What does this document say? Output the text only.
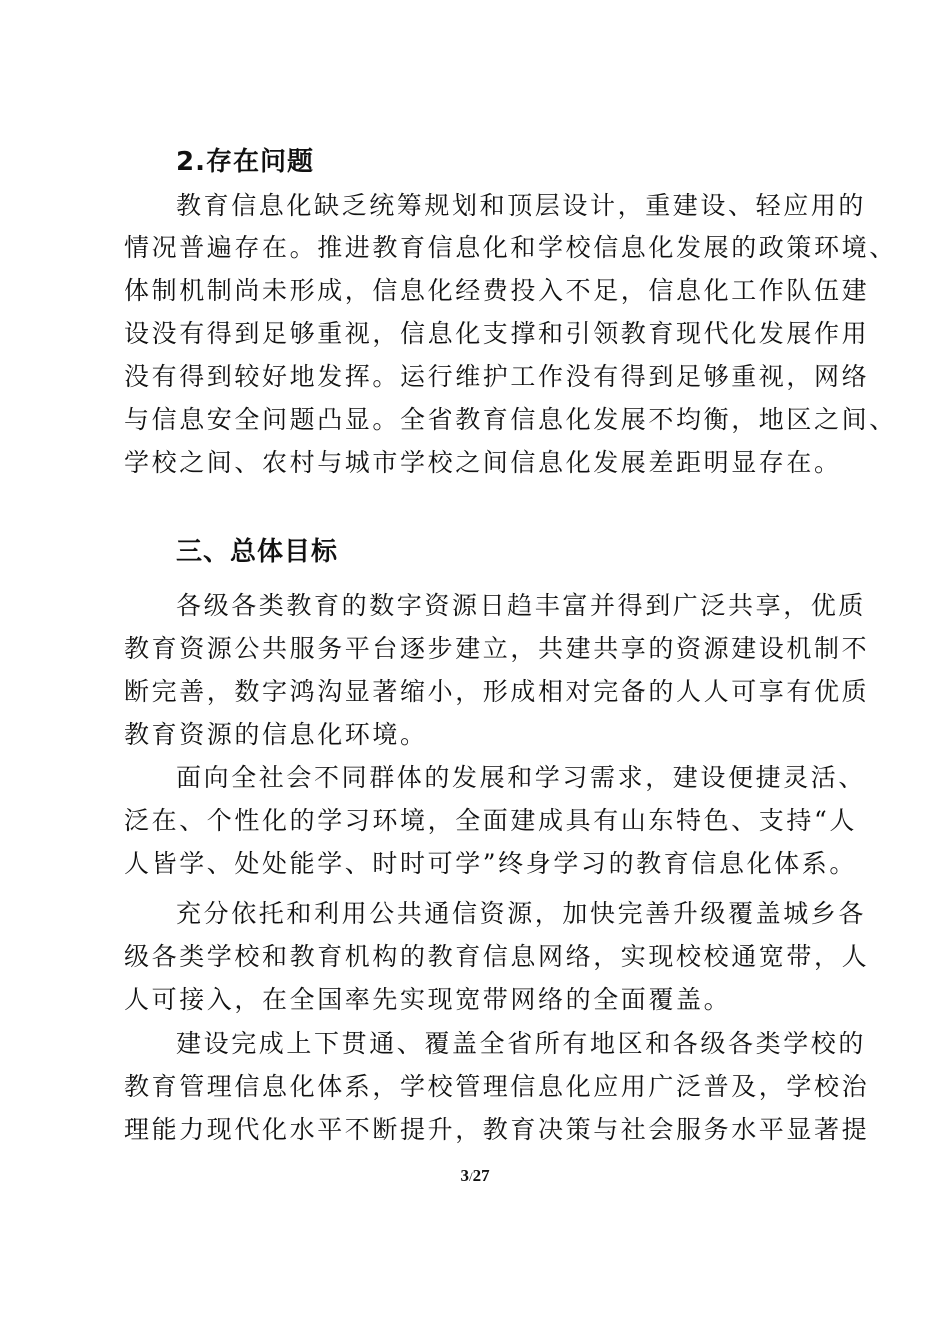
2.存在问题
教育信息化缺乏统筹规划和顶层设计，重建设、轻应用的
情况普遍存在。推进教育信息化和学校信息化发展的政策环境、
体制机制尚未形成，信息化经费投入不足，信息化工作队伍建
设没有得到足够重视，信息化支撑和引领教育现代化发展作用
没有得到较好地发挥。运行维护工作没有得到足够重视，网络
与信息安全问题凸显。全省教育信息化发展不均衡，地区之间、
学校之间、农村与城市学校之间信息化发展差距明显存在。
三、总体目标
各级各类教育的数字资源日趋丰富并得到广泛共享，优质
教育资源公共服务平台逐步建立，共建共享的资源建设机制不
断完善，数字鸿沟显著缩小，形成相对完备的人人可享有优质
教育资源的信息化环境。
面向全社会不同群体的发展和学习需求，建设便捷灵活、
泛在、个性化的学习环境，全面建成具有山东特色、支持“人
人皆学、处处能学、时时可学”终身学习的教育信息化体系。
充分依托和利用公共通信资源，加快完善升级覆盖城乡各
级各类学校和教育机构的教育信息网络，实现校校通宽带，人
人可接入，在全国率先实现宽带网络的全面覆盖。
建设完成上下贯通、覆盖全省所有地区和各级各类学校的
教育管理信息化体系，学校管理信息化应用广泛普及，学校治
理能力现代化水平不断提升，教育决策与社会服务水平显著提
3/27
